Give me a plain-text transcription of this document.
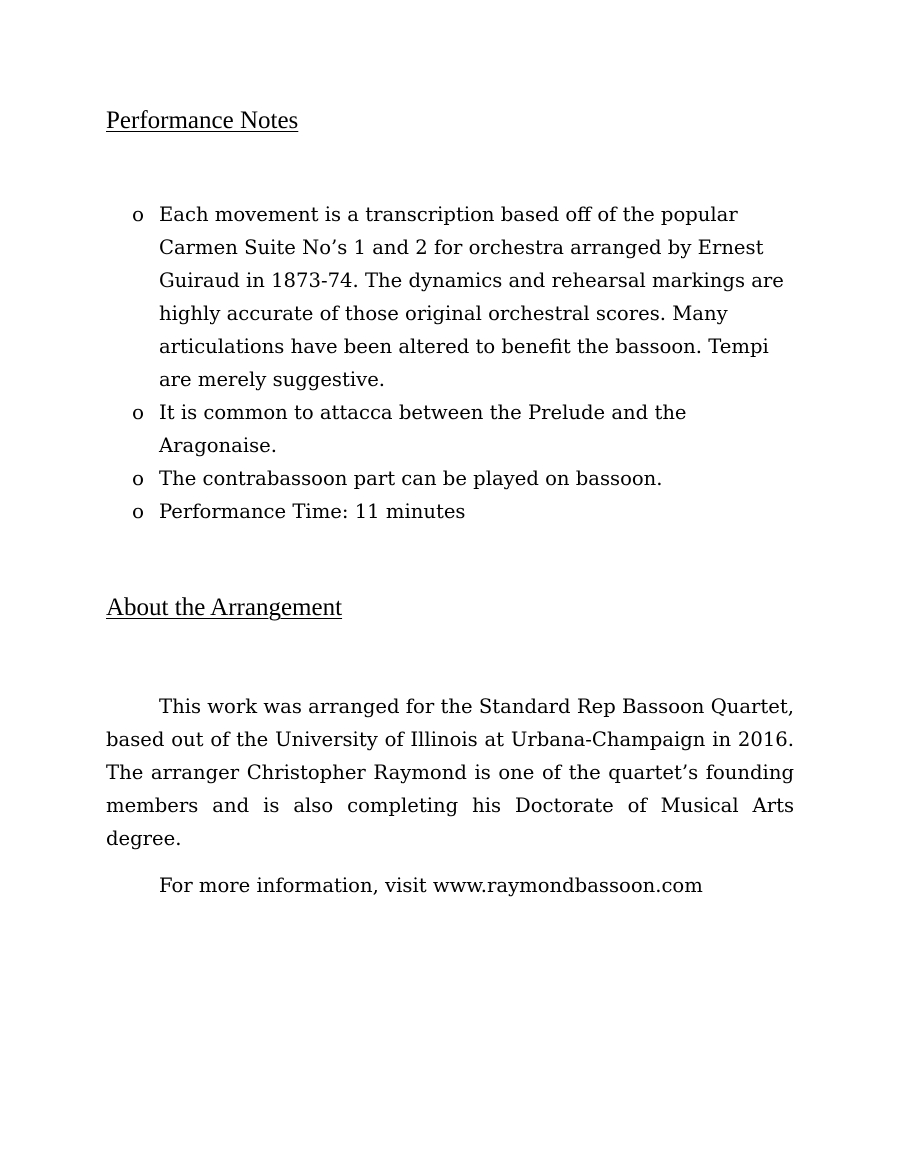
Performance Notes
o Each movement is a transcription based off of the popular Carmen Suite No’s 1 and 2 for orchestra arranged by Ernest Guiraud in 1873-74. The dynamics and rehearsal markings are highly accurate of those original orchestral scores. Many articulations have been altered to benefit the bassoon. Tempi are merely suggestive.
o It is common to attacca between the Prelude and the Aragonaise.
o The contrabassoon part can be played on bassoon.
o Performance Time: 11 minutes
About the Arrangement

This work was arranged for the Standard Rep Bassoon Quartet, based out of the University of Illinois at Urbana-Champaign in 2016. The arranger Christopher Raymond is one of the quartet’s founding members and is also completing his Doctorate of Musical Arts degree.

For more information, visit www.raymondbassoon.com
